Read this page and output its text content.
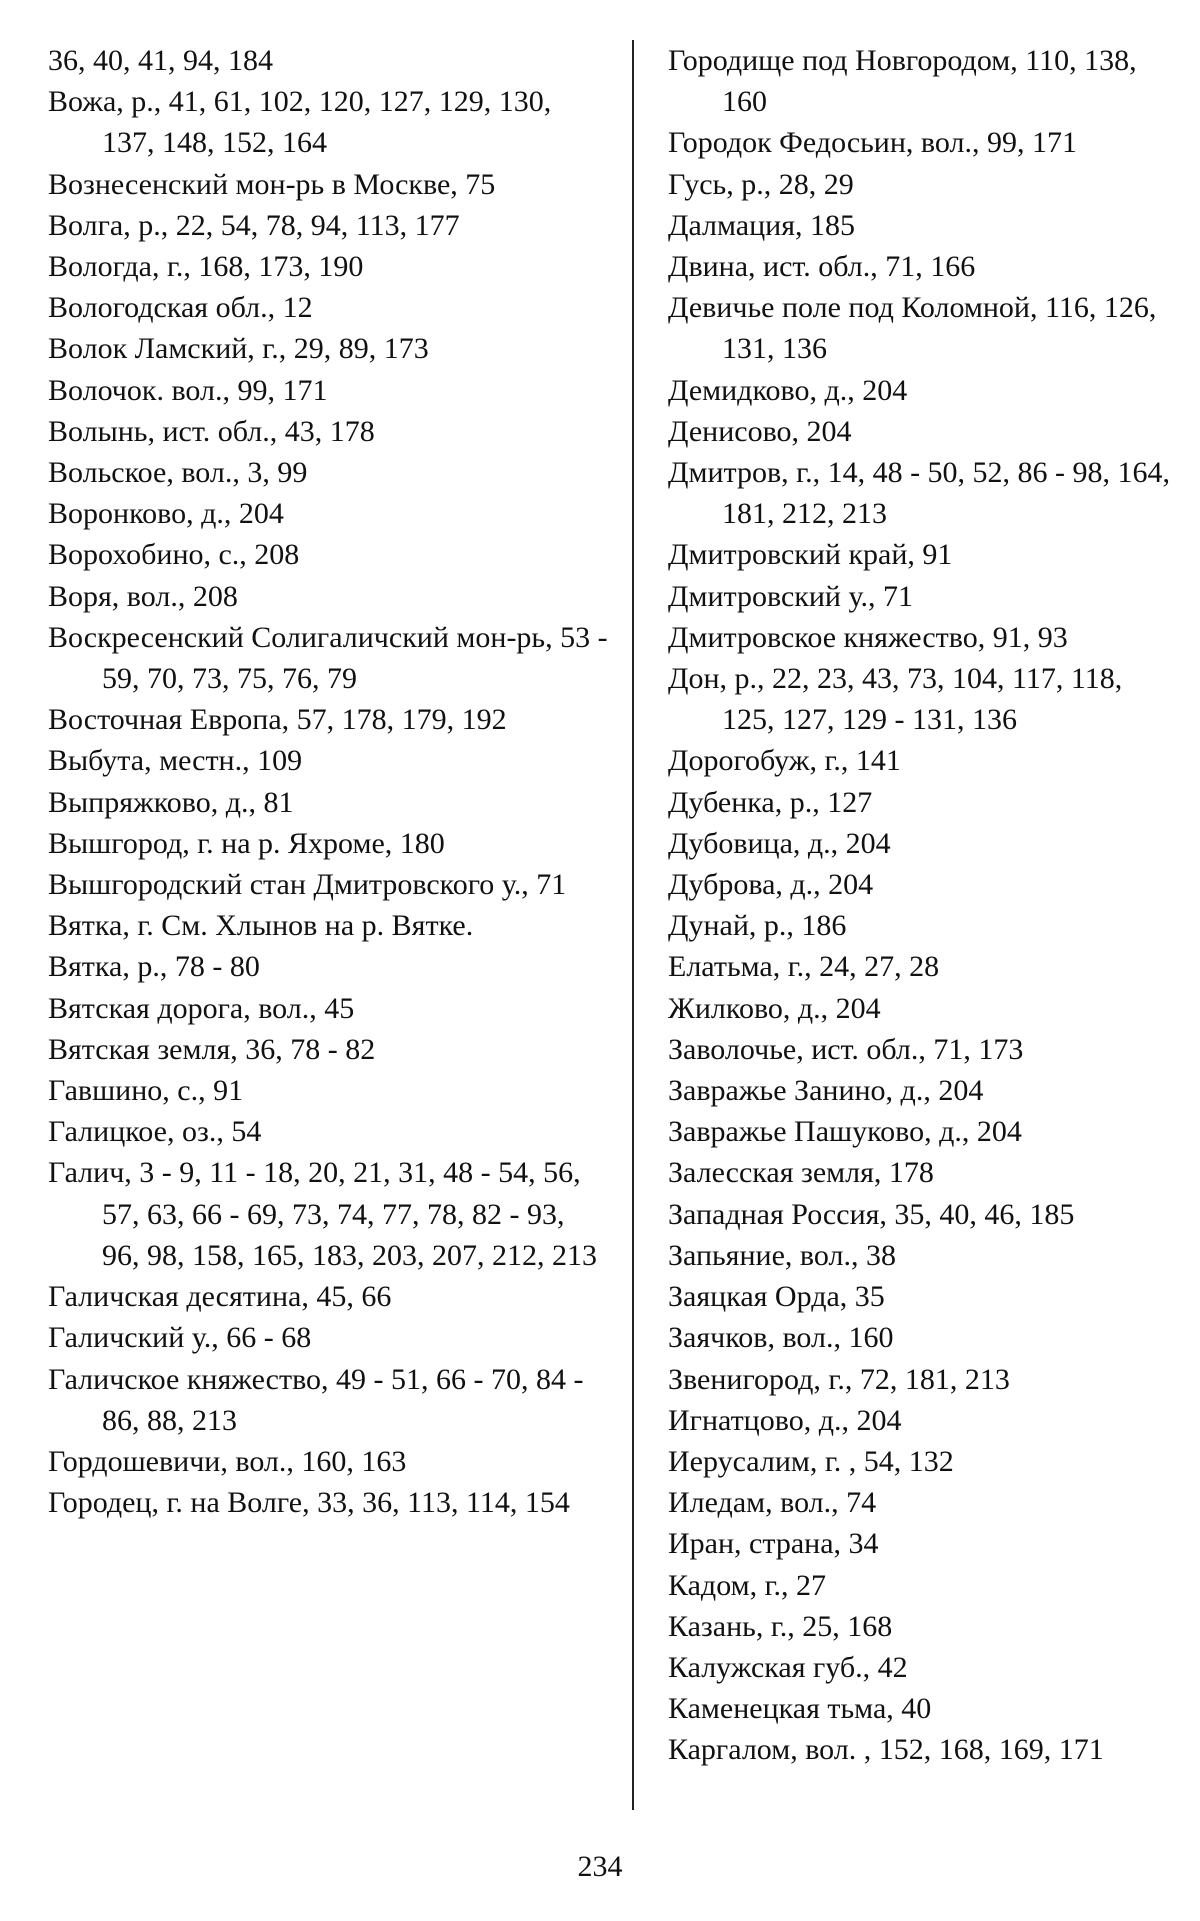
36, 40, 41, 94, 184

Вожа, р., 41, 61, 102, 120, 127, 129, 130, 137, 148, 152, 164

Вознесенский мон-рь в Москве, 75

Волга, р., 22, 54, 78, 94, 113, 177

Вологда, г., 168, 173, 190

Вологодская обл., 12

Волок Ламский, г., 29, 89, 173

Волочок. вол., 99, 171

Волынь, ист. обл., 43, 178

Вольское, вол., 3, 99

Воронково, д., 204

Ворохобино, с., 208

Воря, вол., 208

Воскресенский Солигаличский мон-рь, 53 - 59, 70, 73, 75, 76, 79

Восточная Европа, 57, 178, 179, 192

Выбута, местн., 109

Выпряжково, д., 81

Вышгород, г. на р. Яхроме, 180

Вышгородский стан Дмитровского у., 71

Вятка, г. См. Хлынов на р. Вятке.

Вятка, р., 78 - 80

Вятская дорога, вол., 45

Вятская земля, 36, 78 - 82

Гавшино, с., 91

Галицкое, оз., 54

Галич, 3 - 9, 11 - 18, 20, 21, 31, 48 - 54, 56, 57, 63, 66 - 69, 73, 74, 77, 78, 82 - 93, 96, 98, 158, 165, 183, 203, 207, 212, 213

Галичская десятина, 45, 66

Галичский у., 66 - 68

Галичское княжество, 49 - 51, 66 - 70, 84 - 86, 88, 213

Гордошевичи, вол., 160, 163

Городец, г. на Волге, 33, 36, 113, 114, 154

Городище под Новгородом, 110, 138, 160

Городок Федосьин, вол., 99, 171

Гусь, р., 28, 29

Далмация, 185

Двина, ист. обл., 71, 166

Девичье поле под Коломной, 116, 126, 131, 136

Демидково, д., 204

Денисово, 204

Дмитров, г., 14, 48 - 50, 52, 86 - 98, 164, 181, 212, 213

Дмитровский край, 91

Дмитровский у., 71

Дмитровское княжество, 91, 93

Дон, р., 22, 23, 43, 73, 104, 117, 118, 125, 127, 129 - 131, 136

Дорогобуж, г., 141

Дубенка, р., 127

Дубовица, д., 204

Дуброва, д., 204

Дунай, р., 186

Елатьма, г., 24, 27, 28

Жилково, д., 204

Заволочье, ист. обл., 71, 173

Завражье Занино, д., 204

Завражье Пашуково, д., 204

Залесская земля, 178

Западная Россия, 35, 40, 46, 185

Запьяние, вол., 38

Заяцкая Орда, 35

Заячков, вол., 160

Звенигород, г., 72, 181, 213

Игнатцово, д., 204

Иерусалим, г. , 54, 132

Иледам, вол., 74

Иран, страна, 34

Кадом, г., 27

Казань, г., 25, 168

Калужская губ., 42

Каменецкая тьма, 40

Каргалом, вол. , 152, 168, 169, 171

234
